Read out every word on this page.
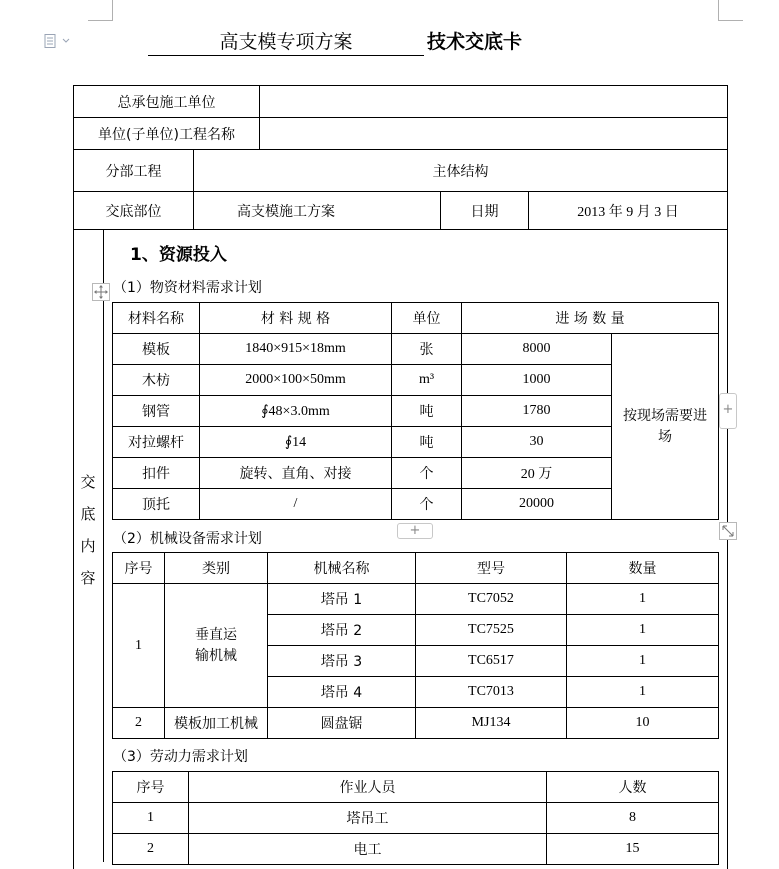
高支模专项方案	技术交底卡
总承包施工单位				
单位(子单位)工程名称				
分部工程	主体结构			
交底部位	高支模施工方案		日期	2013 年 9 月 3 日
交
底
内
容
1、资源投入
（1）物资材料需求计划
材料名称	材 料 规 格	单位	进 场 数 量	
模板	1840×915×18mm	张	8000	按现场需要进场
木枋	2000×100×50mm	m³	1000	
钢管	∮48×3.0mm	吨	1780	
对拉螺杆	∮14	吨	30	
扣件	旋转、直角、对接	个	20 万	
顶托	/	个	20000	
+
+
（2）机械设备需求计划
序号	类别	机械名称	型号	数量
1	垂直运输机械	塔吊 1	TC7052	1
		塔吊 2	TC7525	1
		塔吊 3	TC6517	1
		塔吊 4	TC7013	1
2	模板加工机械	圆盘锯	MJ134	10
（3）劳动力需求计划
序号	作业人员	人数
1	塔吊工	8
2	电工	15
